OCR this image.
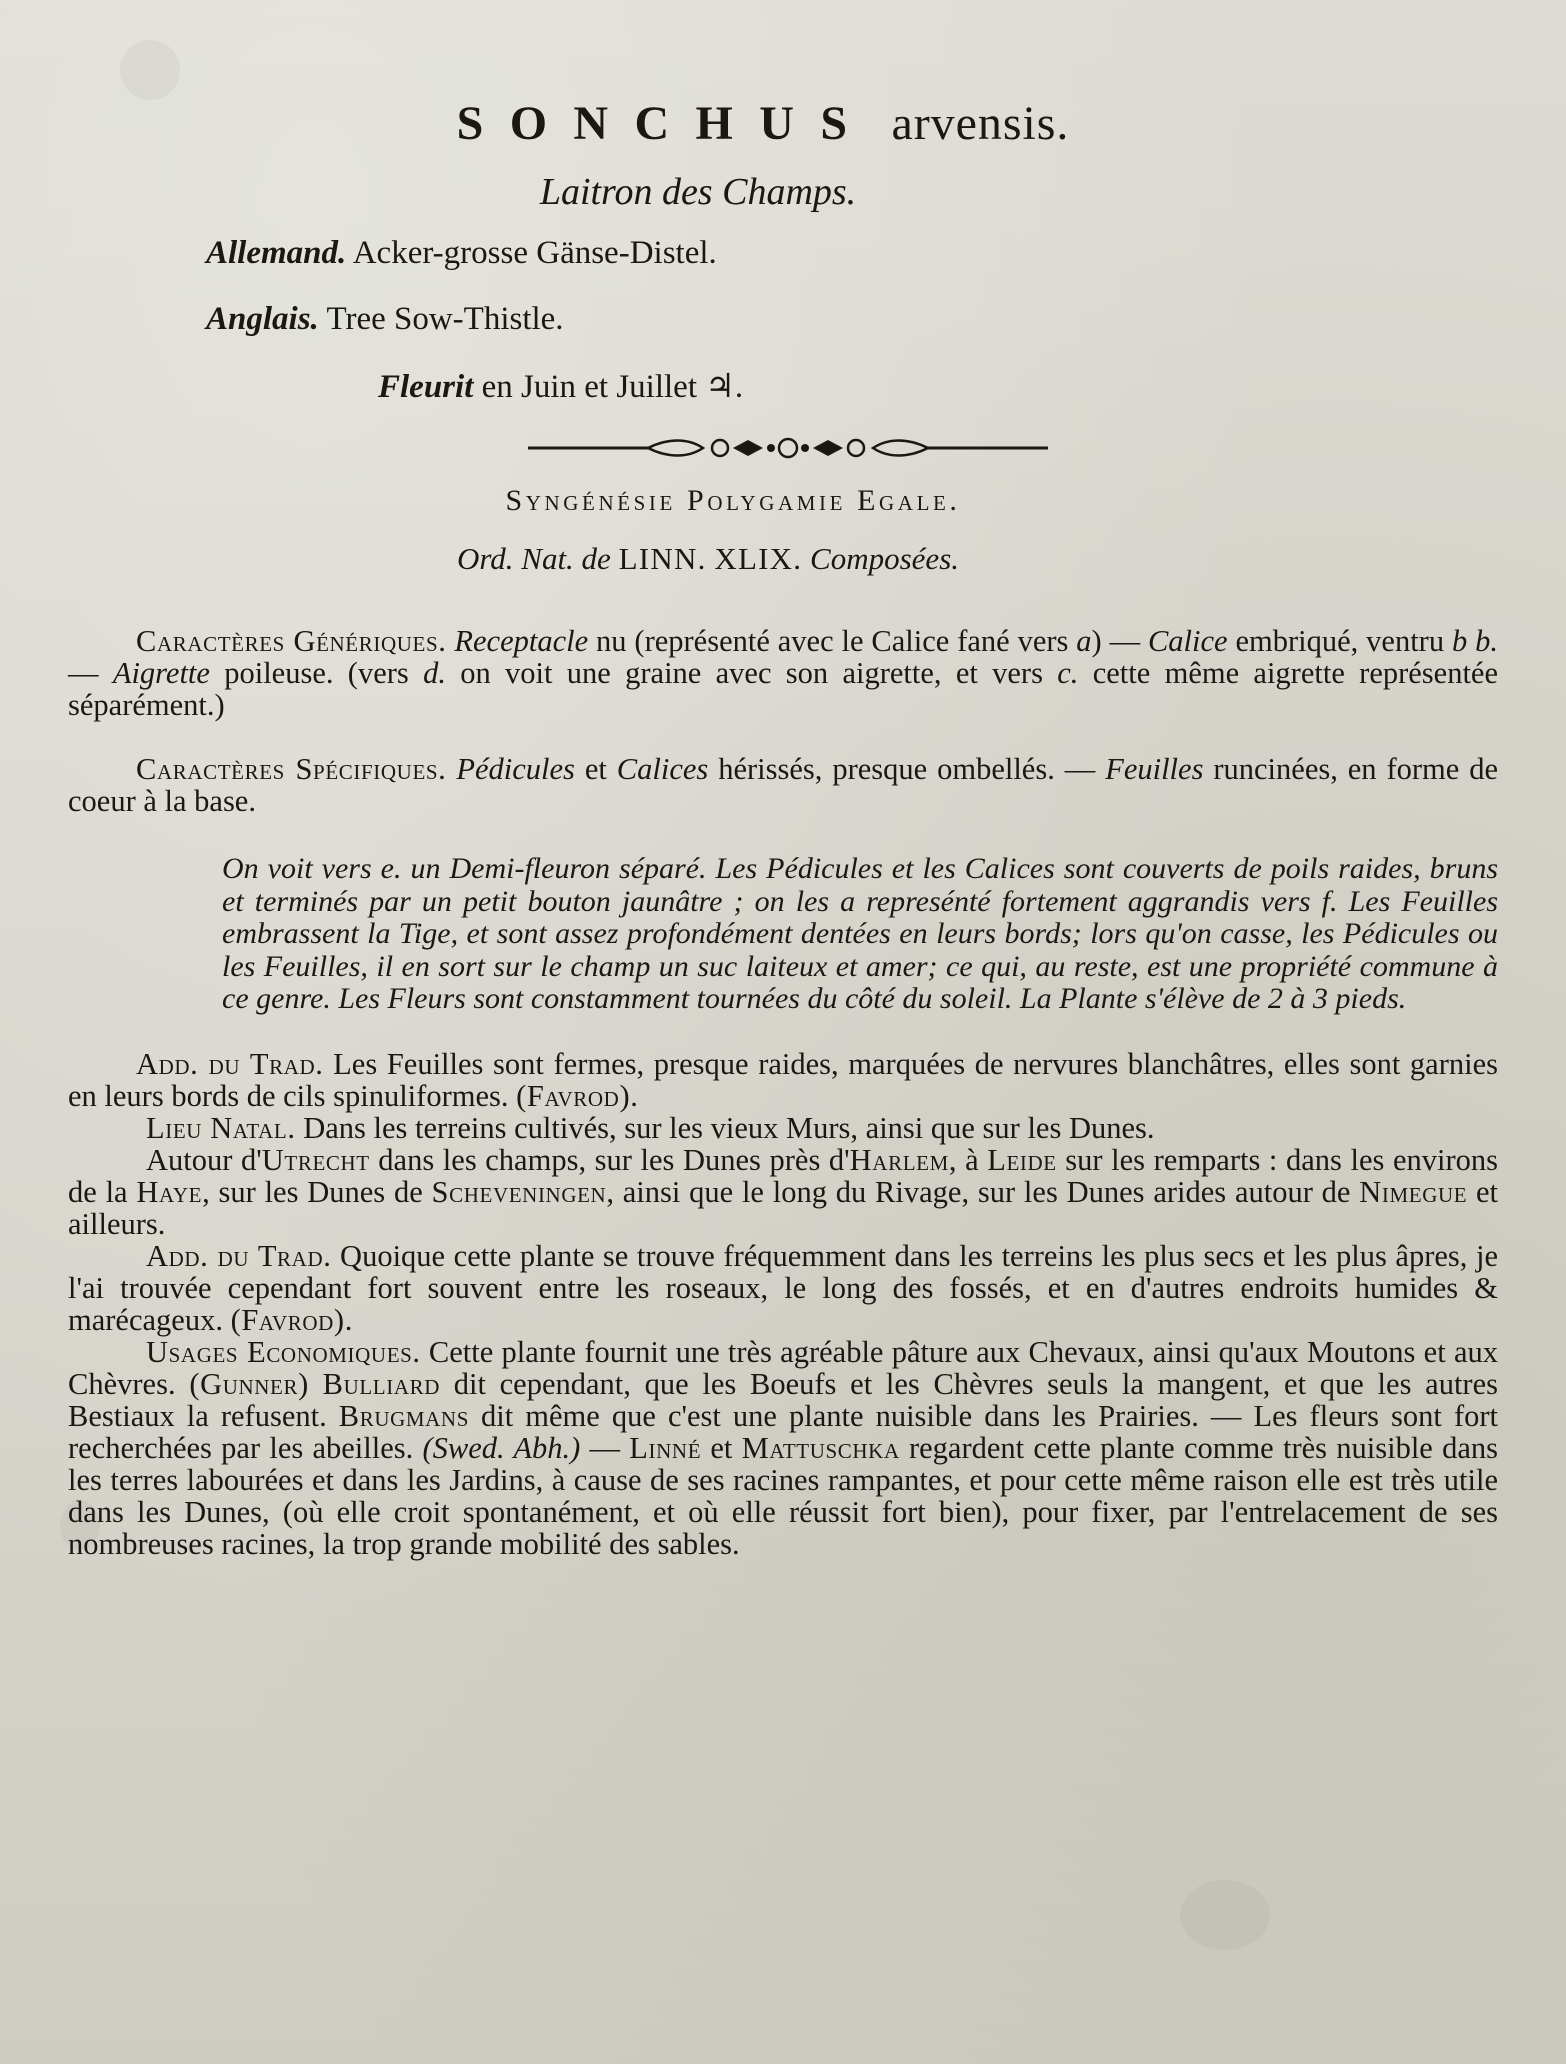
SONCHUS arvensis.
Laitron des Champs.
Allemand. Acker-grosse Gänse-Distel.
Anglais. Tree Sow-Thistle.
Fleurit en Juin et Juillet ♃.
Syngénésie Polygamie Egale.
Ord. Nat. de LINN. XLIX. Composées.
Caractères Génériques. Receptacle nu (représenté avec le Calice fané vers a) — Calice embriqué, ventru b b. — Aigrette poileuse. (vers d. on voit une graine avec son aigrette, et vers c. cette même aigrette représentée séparément.)
Caractères Spécifiques. Pédicules et Calices hérissés, presque ombellés. — Feuilles runcinées, en forme de coeur à la base.
On voit vers e. un Demi-fleuron séparé. Les Pédicules et les Calices sont couverts de poils raides, bruns et terminés par un petit bouton jaunâtre ; on les a represénté fortement aggrandis vers f. Les Feuilles embrassent la Tige, et sont assez profondément dentées en leurs bords; lors qu'on casse, les Pédicules ou les Feuilles, il en sort sur le champ un suc laiteux et amer; ce qui, au reste, est une propriété commune à ce genre. Les Fleurs sont constamment tournées du côté du soleil. La Plante s'élève de 2 à 3 pieds.
Add. du Trad. Les Feuilles sont fermes, presque raides, marquées de nervures blanchâtres, elles sont garnies en leurs bords de cils spinuliformes. (Favrod).
Lieu Natal. Dans les terreins cultivés, sur les vieux Murs, ainsi que sur les Dunes.
Autour d'Utrecht dans les champs, sur les Dunes près d'Harlem, à Leide sur les remparts : dans les environs de la Haye, sur les Dunes de Scheveningen, ainsi que le long du Rivage, sur les Dunes arides autour de Nimegue et ailleurs.
Add. du Trad. Quoique cette plante se trouve fréquemment dans les terreins les plus secs et les plus âpres, je l'ai trouvée cependant fort souvent entre les roseaux, le long des fossés, et en d'autres endroits humides & marécageux. (Favrod).
Usages Economiques. Cette plante fournit une très agréable pâture aux Chevaux, ainsi qu'aux Moutons et aux Chèvres. (Gunner) Bulliard dit cependant, que les Boeufs et les Chèvres seuls la mangent, et que les autres Bestiaux la refusent. Brugmans dit même que c'est une plante nuisible dans les Prairies. — Les fleurs sont fort recherchées par les abeilles. (Swed. Abh.) — Linné et Mattuschka regardent cette plante comme très nuisible dans les terres labourées et dans les Jardins, à cause de ses racines rampantes, et pour cette même raison elle est très utile dans les Dunes, (où elle croit spontanément, et où elle réussit fort bien), pour fixer, par l'entrelacement de ses nombreuses racines, la trop grande mobilité des sables.
